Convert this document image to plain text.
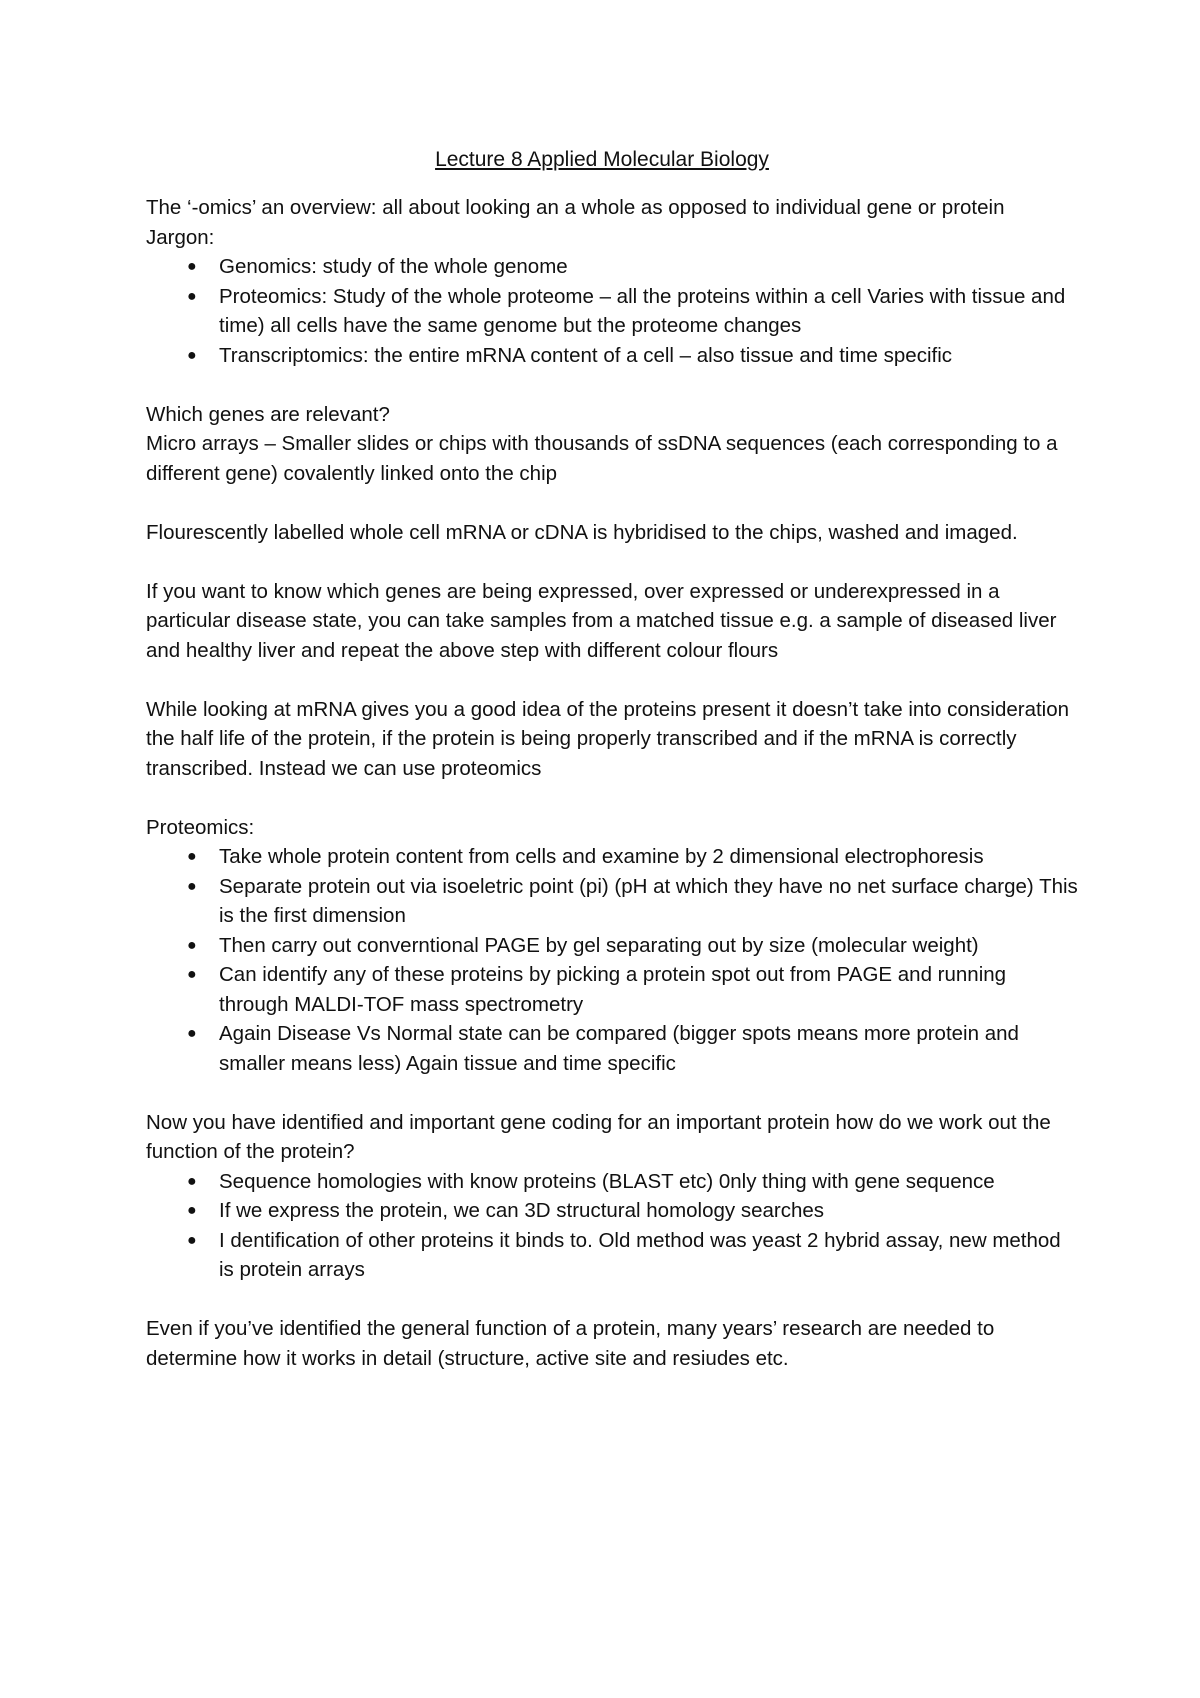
Lecture 8 Applied Molecular Biology

The ‘-omics’ an overview: all about looking an a whole as opposed to individual gene or protein

Jargon:

● Genomics: study of the whole genome
● Proteomics: Study of the whole proteome – all the proteins within a cell Varies with tissue and time) all cells have the same genome but the proteome changes
● Transcriptomics: the entire mRNA content of a cell – also tissue and time specific

Which genes are relevant?

Micro arrays – Smaller slides or chips with thousands of ssDNA sequences (each corresponding to a different gene) covalently linked onto the chip

Flourescently labelled whole cell mRNA or cDNA is hybridised to the chips, washed and imaged.

If you want to know which genes are being expressed, over expressed or underexpressed in a particular disease state, you can take samples from a matched tissue e.g. a sample of diseased liver and healthy liver and repeat the above step with different colour flours

While looking at mRNA gives you a good idea of the proteins present it doesn’t take into consideration the half life of the protein, if the protein is being properly transcribed and if the mRNA is correctly transcribed. Instead we can use proteomics

Proteomics:

● Take whole protein content from cells and examine by 2 dimensional electrophoresis
● Separate protein out via isoeletric point (pi) (pH at which they have no net surface charge) This is the first dimension
● Then carry out converntional PAGE by gel separating out by size (molecular weight)
● Can identify any of these proteins by picking a protein spot out from PAGE and running through MALDI-TOF mass spectrometry
● Again Disease Vs Normal state can be compared (bigger spots means more protein and smaller means less) Again tissue and time specific

Now you have identified and important gene coding for an important protein how do we work out the function of the protein?

● Sequence homologies with know proteins (BLAST etc) 0nly thing with gene sequence
● If we express the protein, we can 3D structural homology searches
● I dentification of other proteins it binds to. Old method was yeast 2 hybrid assay, new method is protein arrays

Even if you’ve identified the general function of a protein, many years’ research are needed to determine how it works in detail (structure, active site and resiudes etc.
